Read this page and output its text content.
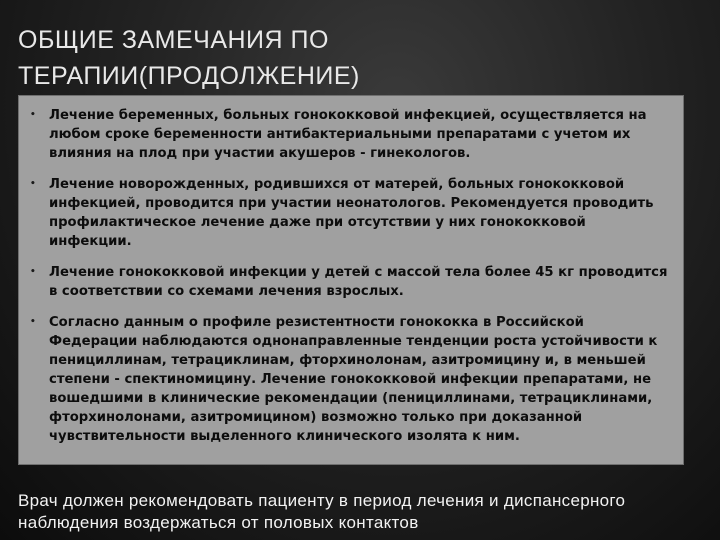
ОБЩИЕ ЗАМЕЧАНИЯ ПО
ТЕРАПИИ(ПРОДОЛЖЕНИЕ)
• Лечение беременных, больных гонококковой инфекцией, осуществляется на любом сроке беременности антибактериальными препаратами с учетом их влияния на плод при участии акушеров - гинекологов.
• Лечение новорожденных, родившихся от матерей, больных гонококковой инфекцией, проводится при участии неонатологов. Рекомендуется проводить профилактическое лечение даже при отсутствии у них гонококковой инфекции.
• Лечение гонококковой инфекции у детей с массой тела более 45 кг проводится в соответствии со схемами лечения взрослых.
• Согласно данным о профиле резистентности гонококка в Российской Федерации наблюдаются однонаправленные тенденции роста устойчивости к пенициллинам, тетрациклинам, фторхинолонам, азитромицину и, в меньшей степени - спектиномицину. Лечение гонококковой инфекции препаратами, не вошедшими в клинические рекомендации (пенициллинами, тетрациклинами, фторхинолонами, азитромицином) возможно только при доказанной чувствительности выделенного клинического изолята к ним.

Врач должен рекомендовать пациенту в период лечения и диспансерного наблюдения воздержаться от половых контактов
